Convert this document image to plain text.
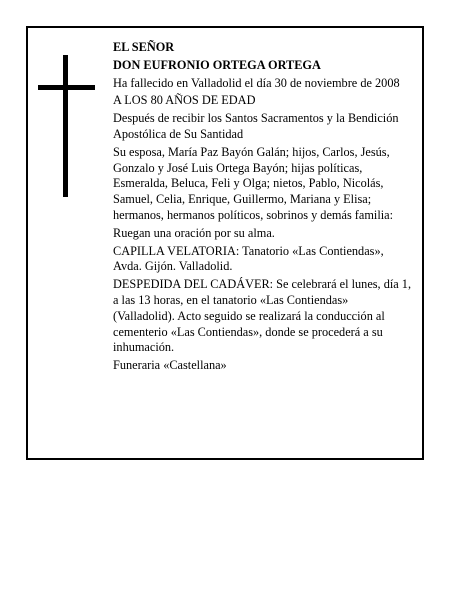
EL SEÑOR

DON EUFRONIO ORTEGA ORTEGA

Ha fallecido en Valladolid el día 30 de noviembre de 2008

A LOS 80 AÑOS DE EDAD

Después de recibir los Santos Sacramentos y la Bendición Apostólica de Su Santidad

Su esposa, María Paz Bayón Galán; hijos, Carlos, Jesús, Gonzalo y José Luis Ortega Bayón; hijas políticas, Esmeralda, Beluca, Feli y Olga; nietos, Pablo, Nicolás, Samuel, Celia, Enrique, Guillermo, Mariana y Elisa; hermanos, hermanos políticos, sobrinos y demás familia:

Ruegan una oración por su alma.

CAPILLA VELATORIA: Tanatorio «Las Contiendas», Avda. Gijón. Valladolid.

DESPEDIDA DEL CADÁVER: Se celebrará el lunes, día 1, a las 13 horas, en el tanatorio «Las Contiendas» (Valladolid). Acto seguido se realizará la conducción al cementerio «Las Contiendas», donde se procederá a su inhumación.

Funeraria «Castellana»
